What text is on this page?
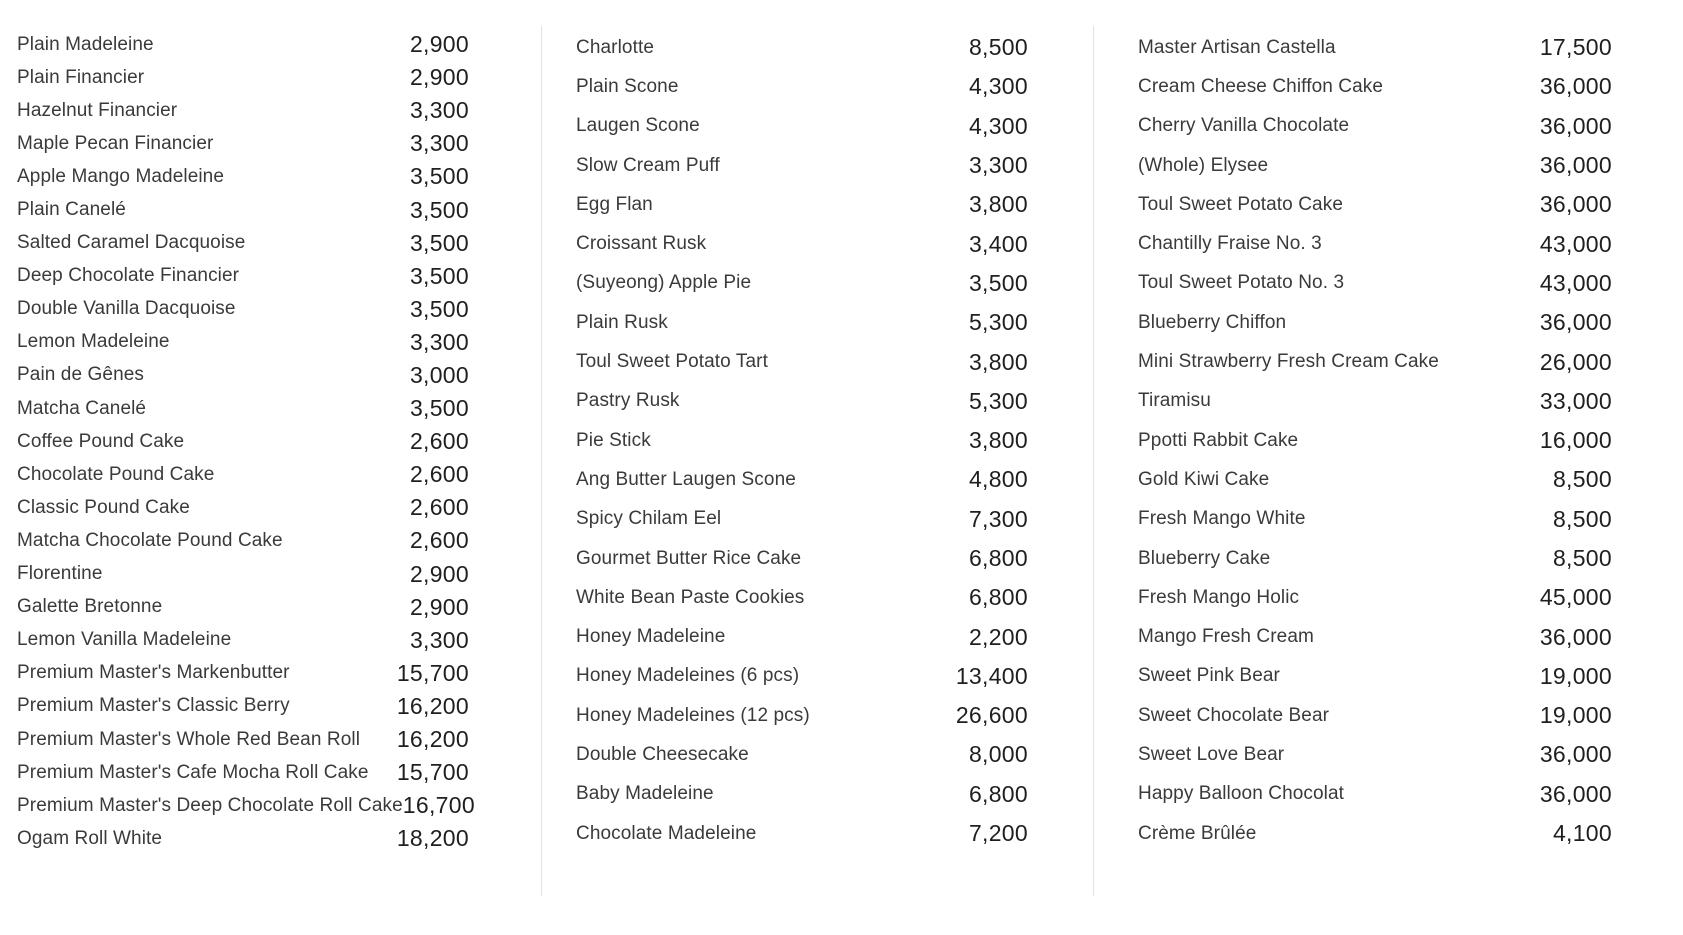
Plain Madeleine	2,900
Plain Financier	2,900
Hazelnut Financier	3,300
Maple Pecan Financier	3,300
Apple Mango Madeleine	3,500
Plain Canelé	3,500
Salted Caramel Dacquoise	3,500
Deep Chocolate Financier	3,500
Double Vanilla Dacquoise	3,500
Lemon Madeleine	3,300
Pain de Gênes	3,000
Matcha Canelé	3,500
Coffee Pound Cake	2,600
Chocolate Pound Cake	2,600
Classic Pound Cake	2,600
Matcha Chocolate Pound Cake	2,600
Florentine	2,900
Galette Bretonne	2,900
Lemon Vanilla Madeleine	3,300
Premium Master's Markenbutter	15,700
Premium Master's Classic Berry	16,200
Premium Master's Whole Red Bean Roll 16,200
Premium Master's Cafe Mocha Roll Cake 15,700
Premium Master's Deep Chocolate Roll Cake 16,700
Ogam Roll White	18,200
Charlotte	8,500
Plain Scone	4,300
Laugen Scone	4,300
Slow Cream Puff	3,300
Egg Flan	3,800
Croissant Rusk	3,400
(Suyeong) Apple Pie	3,500
Plain Rusk	5,300
Toul Sweet Potato Tart	3,800
Pastry Rusk	5,300
Pie Stick	3,800
Ang Butter Laugen Scone	4,800
Spicy Chilam Eel	7,300
Gourmet Butter Rice Cake	6,800
White Bean Paste Cookies	6,800
Honey Madeleine	2,200
Honey Madeleines (6 pcs)	13,400
Honey Madeleines (12 pcs)	26,600
Double Cheesecake	8,000
Baby Madeleine	6,800
Chocolate Madeleine	7,200
Master Artisan Castella	17,500
Cream Cheese Chiffon Cake	36,000
Cherry Vanilla Chocolate	36,000
(Whole) Elysee	36,000
Toul Sweet Potato Cake	36,000
Chantilly Fraise No. 3	43,000
Toul Sweet Potato No. 3	43,000
Blueberry Chiffon	36,000
Mini Strawberry Fresh Cream Cake	26,000
Tiramisu	33,000
Ppotti Rabbit Cake	16,000
Gold Kiwi Cake	8,500
Fresh Mango White	8,500
Blueberry Cake	8,500
Fresh Mango Holic	45,000
Mango Fresh Cream	36,000
Sweet Pink Bear	19,000
Sweet Chocolate Bear	19,000
Sweet Love Bear	36,000
Happy Balloon Chocolat	36,000
Crème Brûlée	4,100
